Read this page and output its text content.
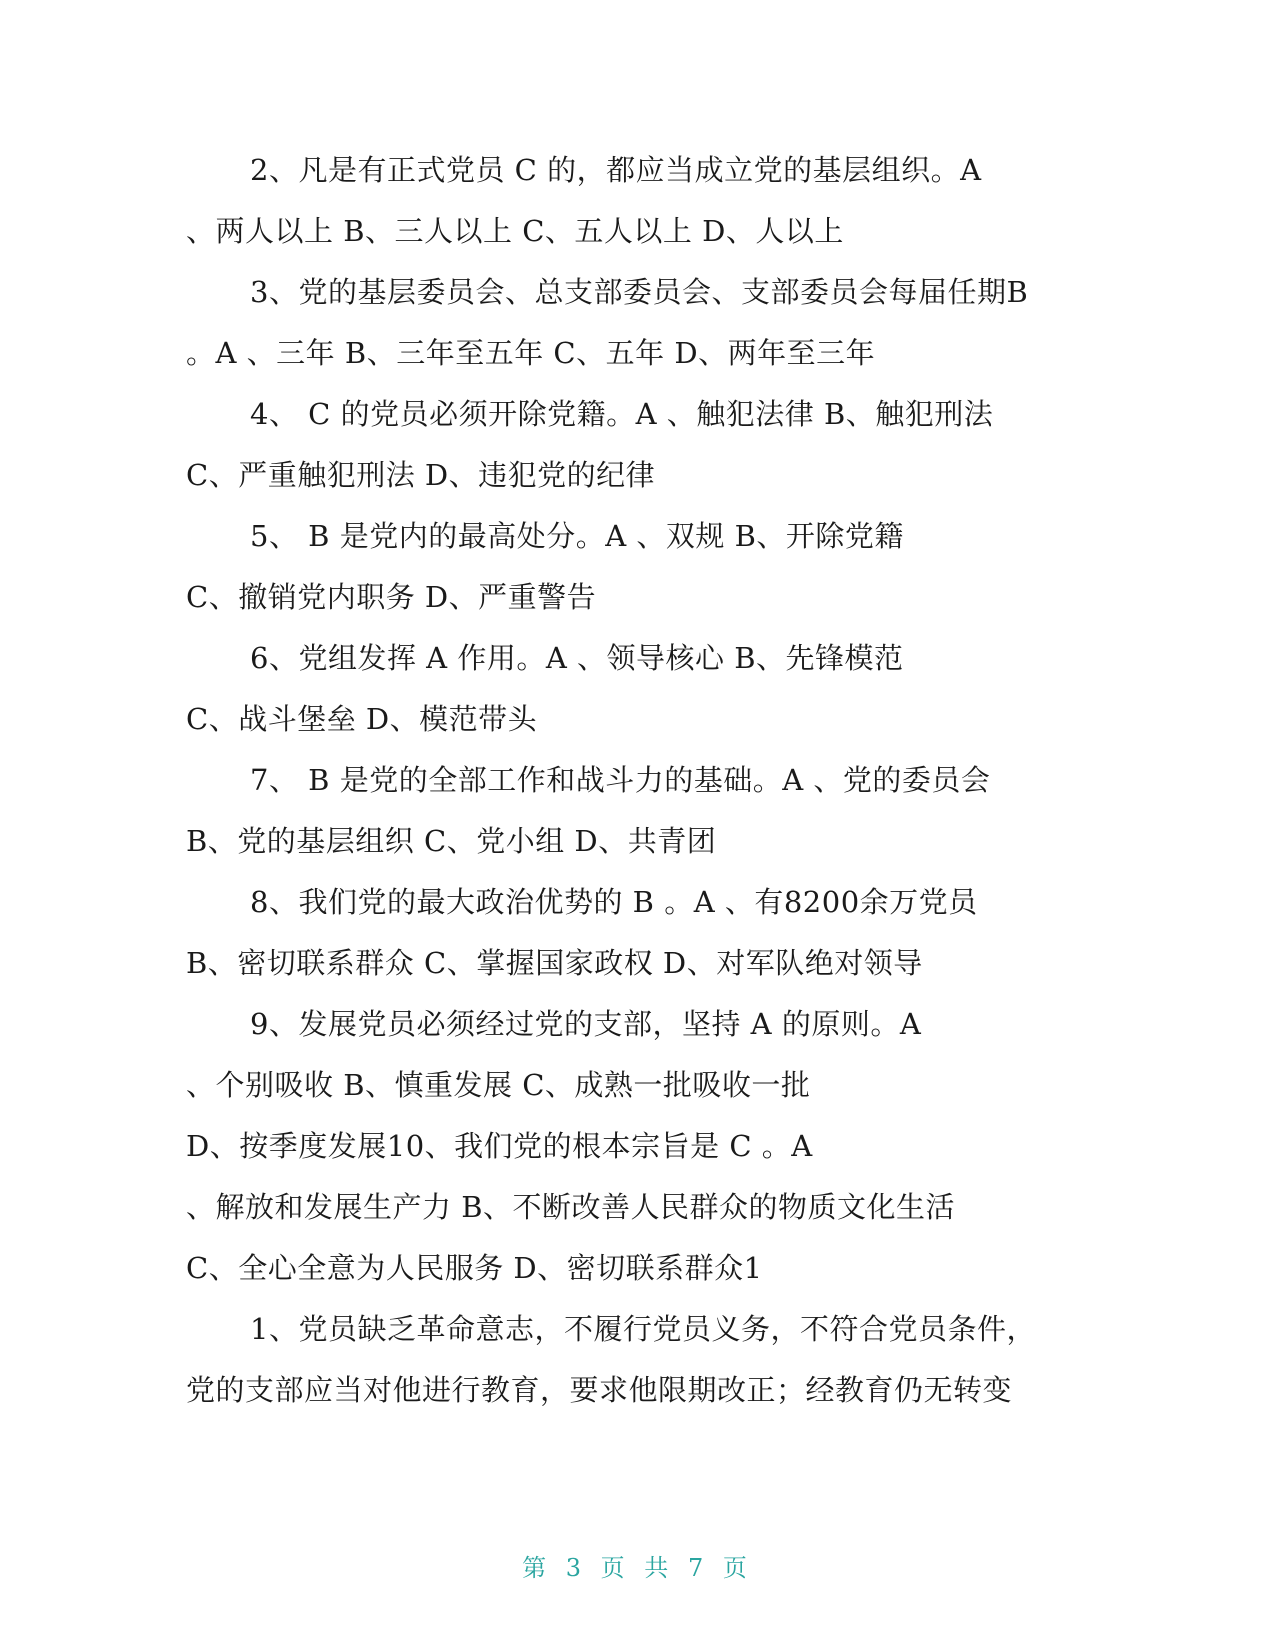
2、凡是有正式党员 C 的，都应当成立党的基层组织。A
、两人以上 B、三人以上 C、五人以上 D、人以上
3、党的基层委员会、总支部委员会、支部委员会每届任期B
。A 、三年 B、三年至五年 C、五年 D、两年至三年
4、 C 的党员必须开除党籍。A 、触犯法律 B、触犯刑法
C、严重触犯刑法 D、违犯党的纪律
5、 B 是党内的最高处分。A 、双规 B、开除党籍
C、撤销党内职务 D、严重警告
6、党组发挥 A 作用。A 、领导核心 B、先锋模范
C、战斗堡垒 D、模范带头
7、 B 是党的全部工作和战斗力的基础。A 、党的委员会
B、党的基层组织 C、党小组 D、共青团
8、我们党的最大政治优势的 B 。A 、有8200余万党员
B、密切联系群众 C、掌握国家政权 D、对军队绝对领导
9、发展党员必须经过党的支部，坚持 A 的原则。A
、个别吸收 B、慎重发展 C、成熟一批吸收一批
D、按季度发展10、我们党的根本宗旨是 C 。A
、解放和发展生产力 B、不断改善人民群众的物质文化生活
C、全心全意为人民服务 D、密切联系群众1
1、党员缺乏革命意志，不履行党员义务，不符合党员条件，
党的支部应当对他进行教育，要求他限期改正；经教育仍无转变
第 3 页 共 7 页
